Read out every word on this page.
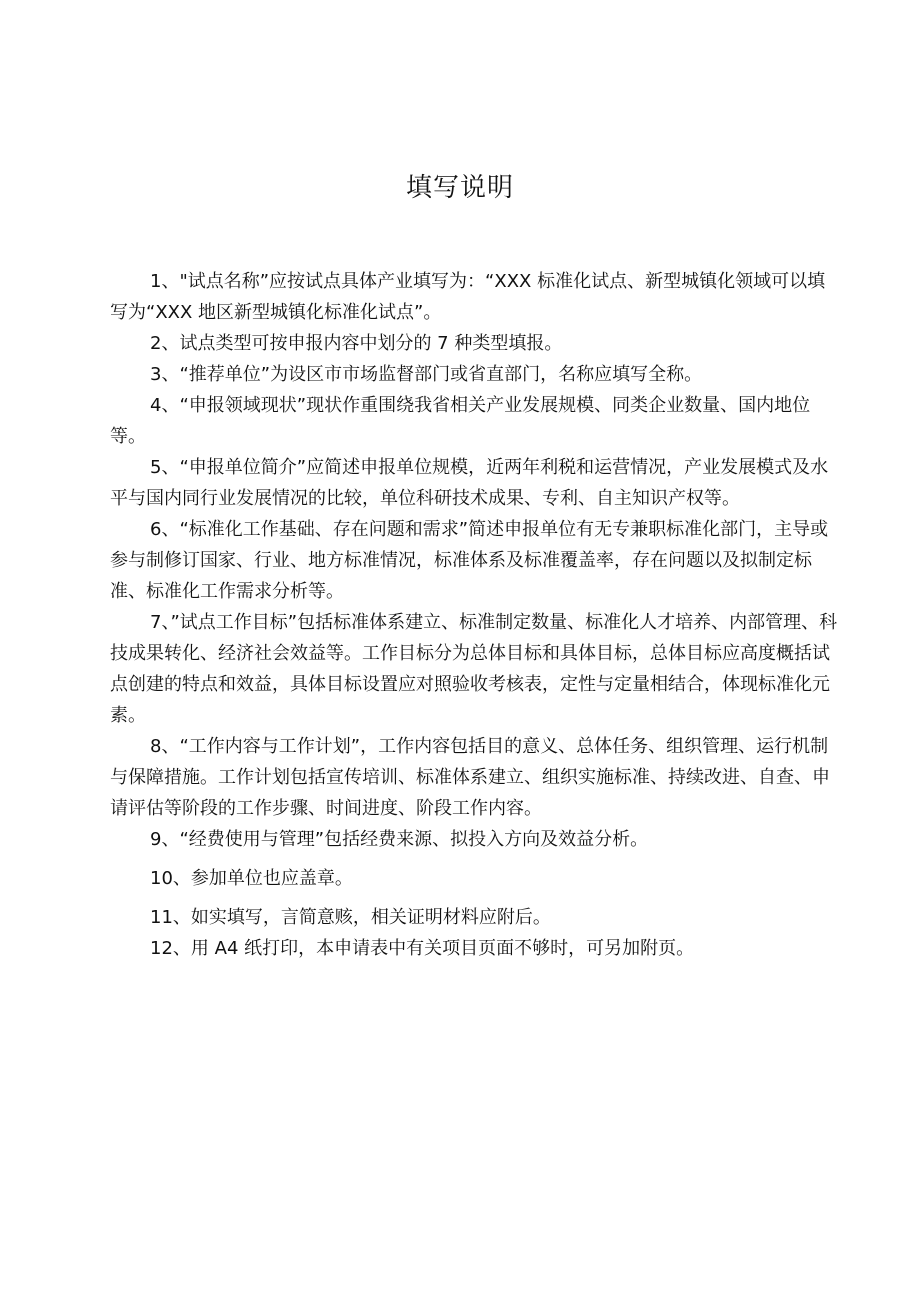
填写说明

1、"试点名称”应按试点具体产业填写为：“XXX 标准化试点、新型城镇化领域可以填写为“XXX 地区新型城镇化标准化试点”。

2、试点类型可按申报内容中划分的 7 种类型填报。

3、“推荐单位”为设区市市场监督部门或省直部门，名称应填写全称。

4、“申报领域现状”现状作重围绕我省相关产业发展规模、同类企业数量、国内地位等。

5、“申报单位简介”应简述申报单位规模，近两年利税和运营情况，产业发展模式及水平与国内同行业发展情况的比较，单位科研技术成果、专利、自主知识产权等。

6、“标准化工作基础、存在问题和需求”简述申报单位有无专兼职标准化部门，主导或参与制修订国家、行业、地方标准情况，标准体系及标准覆盖率，存在问题以及拟制定标准、标准化工作需求分析等。

7、”试点工作目标”包括标准体系建立、标准制定数量、标准化人才培养、内部管理、科技成果转化、经济社会效益等。工作目标分为总体目标和具体目标，总体目标应高度概括试点创建的特点和效益，具体目标设置应对照验收考核表，定性与定量相结合，体现标准化元素。

8、“工作内容与工作计划”，工作内容包括目的意义、总体任务、组织管理、运行机制与保障措施。工作计划包括宣传培训、标准体系建立、组织实施标准、持续改进、自查、申请评估等阶段的工作步骤、时间进度、阶段工作内容。

9、“经费使用与管理”包括经费来源、拟投入方向及效益分析。

10、参加单位也应盖章。

11、如实填写，言简意赅，相关证明材料应附后。

12、用 A4 纸打印，本申请表中有关项目页面不够时，可另加附页。
